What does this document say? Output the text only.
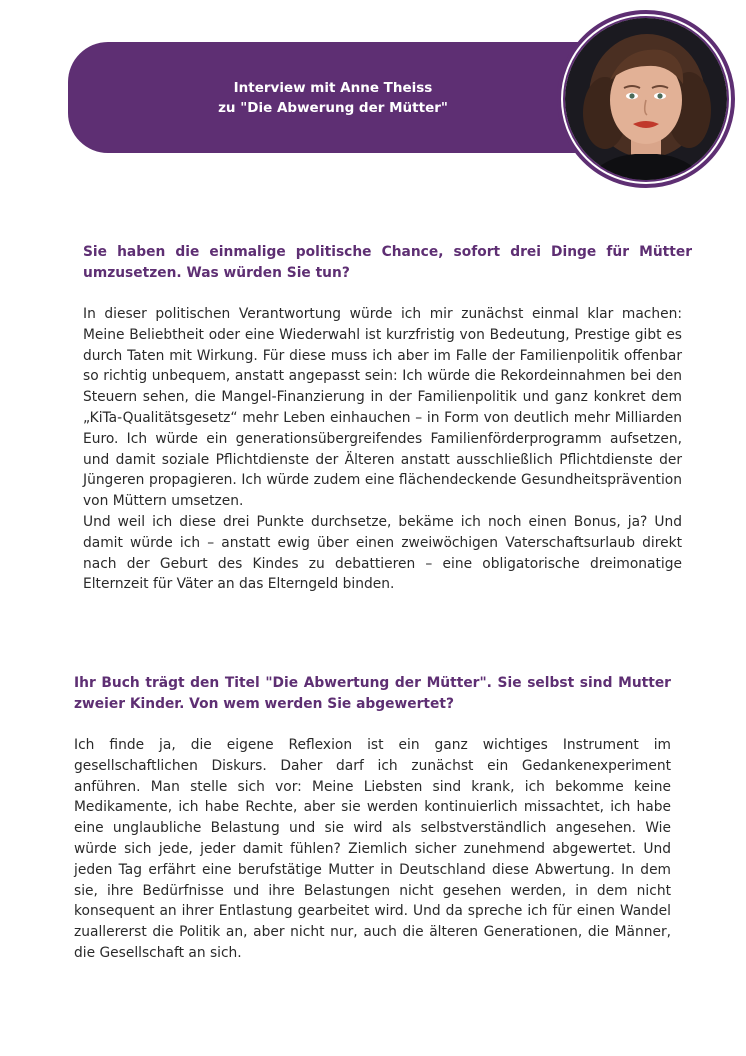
Interview mit Anne Theiss
zu "Die Abwerung der Mütter"
Sie haben die einmalige politische Chance, sofort drei Dinge für Mütter umzusetzen. Was würden Sie tun?

In dieser politischen Verantwortung würde ich mir zunächst einmal klar machen: Meine Beliebtheit oder eine Wiederwahl ist kurzfristig von Bedeutung, Prestige gibt es durch Taten mit Wirkung. Für diese muss ich aber im Falle der Familienpolitik offenbar so richtig unbequem, anstatt angepasst sein: Ich würde die Rekordeinnahmen bei den Steuern sehen, die Mangel-Finanzierung in der Familienpolitik und ganz konkret dem „KiTa-Qualitätsgesetz“ mehr Leben einhauchen – in Form von deutlich mehr Milliarden Euro. Ich würde ein generationsübergreifendes Familienförderprogramm aufsetzen, und damit soziale Pflichtdienste der Älteren anstatt ausschließlich Pflichtdienste der Jüngeren propagieren. Ich würde zudem eine flächendeckende Gesundheitsprävention von Müttern umsetzen.

Und weil ich diese drei Punkte durchsetze, bekäme ich noch einen Bonus, ja? Und damit würde ich – anstatt ewig über einen zweiwöchigen Vaterschaftsurlaub direkt nach der Geburt des Kindes zu debattieren – eine obligatorische dreimonatige Elternzeit für Väter an das Elterngeld binden.

Ihr Buch trägt den Titel "Die Abwertung der Mütter". Sie selbst sind Mutter zweier Kinder. Von wem werden Sie abgewertet?

Ich finde ja, die eigene Reflexion ist ein ganz wichtiges Instrument im gesellschaftlichen Diskurs. Daher darf ich zunächst ein Gedankenexperiment anführen. Man stelle sich vor: Meine Liebsten sind krank, ich bekomme keine Medikamente, ich habe Rechte, aber sie werden kontinuierlich missachtet, ich habe eine unglaubliche Belastung und sie wird als selbstverständlich angesehen. Wie würde sich jede, jeder damit fühlen? Ziemlich sicher zunehmend abgewertet. Und jeden Tag erfährt eine berufstätige Mutter in Deutschland diese Abwertung. In dem sie, ihre Bedürfnisse und ihre Belastungen nicht gesehen werden, in dem nicht konsequent an ihrer Entlastung gearbeitet wird. Und da spreche ich für einen Wandel zuallererst die Politik an, aber nicht nur, auch die älteren Generationen, die Männer, die Gesellschaft an sich.
